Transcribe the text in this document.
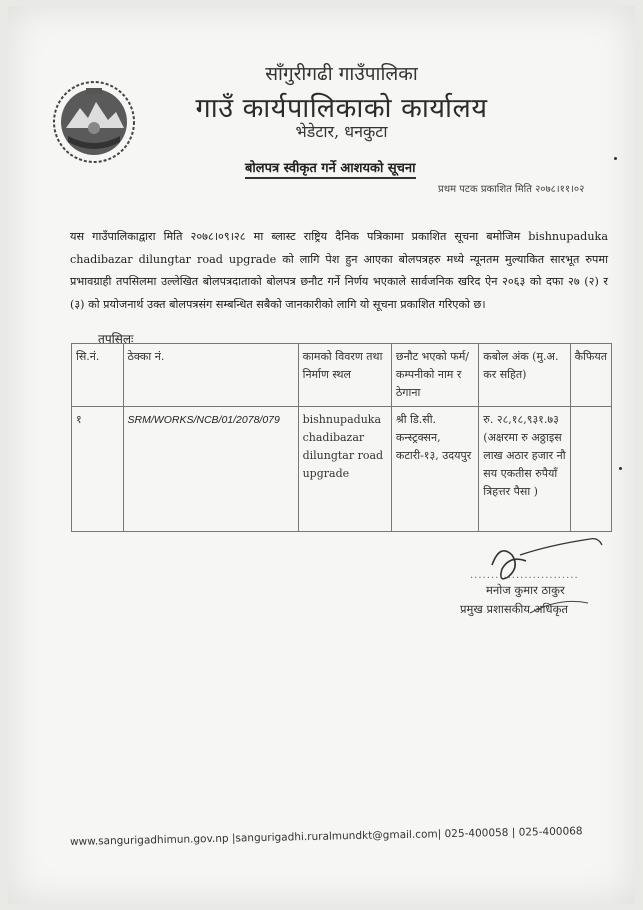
साँगुरीगढी गाउँपालिका
गाउँ कार्यपालिकाको कार्यालय
भेडेटार, धनकुटा
बोलपत्र स्वीकृत गर्ने आशयको सूचना
प्रथम पटक प्रकाशित मिति २०७८।११।०२
यस गाउँपालिकाद्वारा मिति २०७८।०९।२८ मा ब्लास्ट राष्ट्रिय दैनिक पत्रिकामा प्रकाशित सूचना बमोजिम bishnupaduka chadibazar dilungtar road upgrade को लागि पेश हुन आएका बोलपत्रहरु मध्ये न्यूनतम मुल्याकित सारभूत रुपमा प्रभावग्राही तपसिलमा उल्लेखित बोलपत्रदाताको बोलपत्र छनौट गर्ने निर्णय भएकाले सार्वजनिक खरिद ऐन २०६३ को दफा २७ (२) र (३) को प्रयोजनार्थ उक्त बोलपत्रसंग सम्बन्धित सबैको जानकारीको लागि यो सूचना प्रकाशित गरिएको छ।
तपसिलः
सि.नं.	ठेक्का नं.	कामको विवरण तथा निर्माण स्थल	छनौट भएको फर्म/कम्पनीको नाम र ठेगाना	कबोल अंक (मु.अ. कर सहित)	कैफियत
१	SRM/WORKS/NCB/01/2078/079	bishnupaduka chadibazar dilungtar road upgrade	श्री डि.सी. कन्स्ट्रक्सन, कटारी-१३, उदयपुर	रु. २८,१८,९३१.७३ (अक्षरमा रु अठ्ठाइस लाख अठार हजार नौ सय एकतीस रुपैयाँ त्रिहत्तर पैसा )	
..........................
मनोज कुमार ठाकुर
प्रमुख प्रशासकीय अधिकृत
www.sangurigadhimun.gov.np |sangurigadhi.ruralmundkt@gmail.com| 025-400058 | 025-400068
